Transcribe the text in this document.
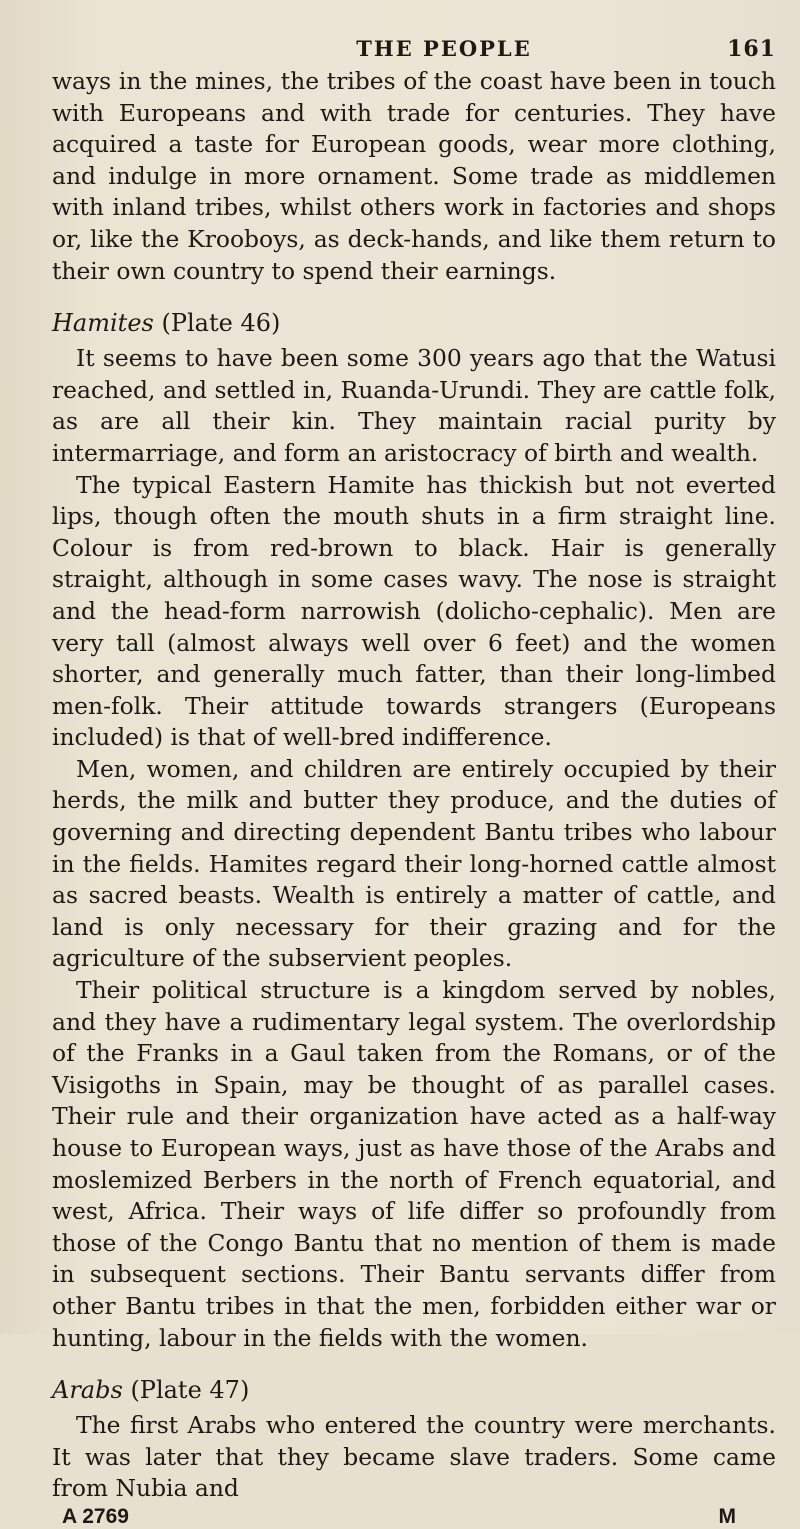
THE PEOPLE	161

ways in the mines, the tribes of the coast have been in touch with Europeans and with trade for centuries. They have acquired a taste for European goods, wear more clothing, and indulge in more ornament. Some trade as middlemen with inland tribes, whilst others work in factories and shops or, like the Krooboys, as deck-hands, and like them return to their own country to spend their earnings.

Hamites (Plate 46)

It seems to have been some 300 years ago that the Watusi reached, and settled in, Ruanda-Urundi. They are cattle folk, as are all their kin. They maintain racial purity by intermarriage, and form an aristocracy of birth and wealth.

The typical Eastern Hamite has thickish but not everted lips, though often the mouth shuts in a firm straight line. Colour is from red-brown to black. Hair is generally straight, although in some cases wavy. The nose is straight and the head-form narrowish (dolicho-cephalic). Men are very tall (almost always well over 6 feet) and the women shorter, and generally much fatter, than their long-limbed men-folk. Their attitude towards strangers (Europeans included) is that of well-bred indifference.

Men, women, and children are entirely occupied by their herds, the milk and butter they produce, and the duties of governing and directing dependent Bantu tribes who labour in the fields. Hamites regard their long-horned cattle almost as sacred beasts. Wealth is entirely a matter of cattle, and land is only necessary for their grazing and for the agriculture of the subservient peoples.

Their political structure is a kingdom served by nobles, and they have a rudimentary legal system. The overlordship of the Franks in a Gaul taken from the Romans, or of the Visigoths in Spain, may be thought of as parallel cases. Their rule and their organization have acted as a half-way house to European ways, just as have those of the Arabs and moslemized Berbers in the north of French equatorial, and west, Africa. Their ways of life differ so profoundly from those of the Congo Bantu that no mention of them is made in subsequent sections. Their Bantu servants differ from other Bantu tribes in that the men, forbidden either war or hunting, labour in the fields with the women.

Arabs (Plate 47)

The first Arabs who entered the country were merchants. It was later that they became slave traders. Some came from Nubia and

A 2769	M
